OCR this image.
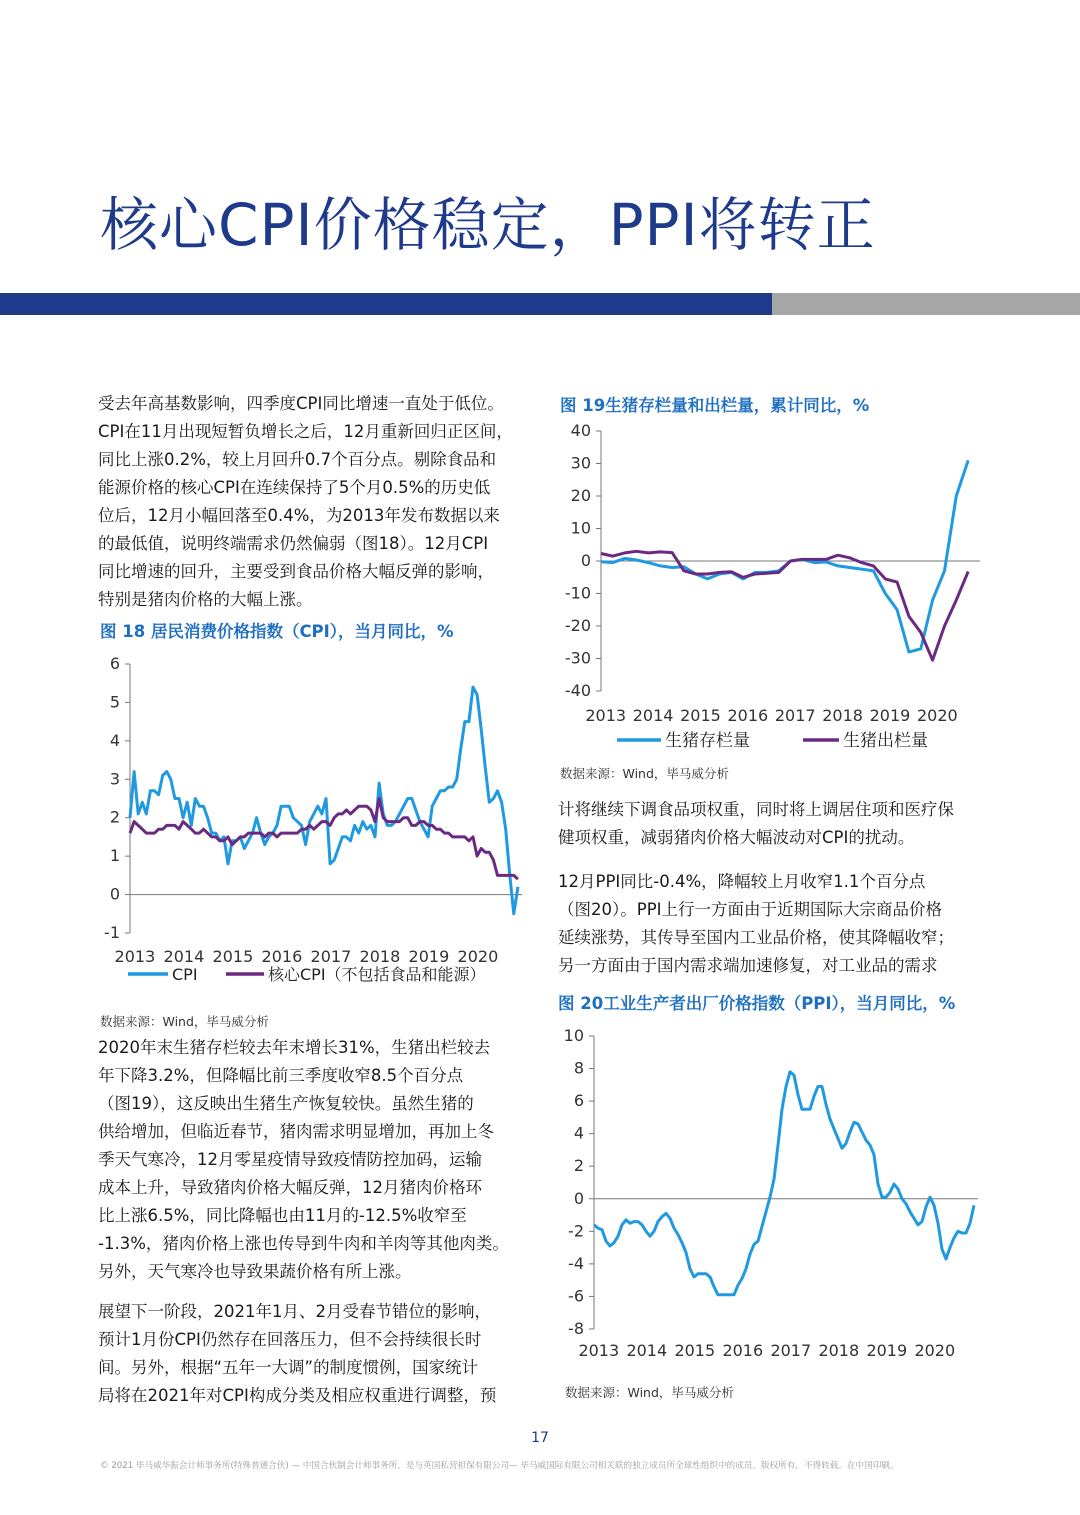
核心CPI价格稳定，PPI将转正
受去年高基数影响，四季度CPI同比增速一直处于低位。
CPI在11月出现短暂负增长之后，12月重新回归正区间，
同比上涨0.2%，较上月回升0.7个百分点。剔除食品和
能源价格的核心CPI在连续保持了5个月0.5%的历史低
位后，12月小幅回落至0.4%，为2013年发布数据以来
的最低值，说明终端需求仍然偏弱（图18）。12月CPI
同比增速的回升，主要受到食品价格大幅反弹的影响，
特别是猪肉价格的大幅上涨。
图 18 居民消费价格指数（CPI），当月同比，%
-1
0
1
2
3
4
5
6
2013 2014 2015 2016 2017 2018 2019 2020
CPI	核心CPI（不包括食品和能源）
数据来源：Wind，毕马威分析
2020年末生猪存栏较去年末增长31%，生猪出栏较去
年下降3.2%，但降幅比前三季度收窄8.5个百分点
（图19），这反映出生猪生产恢复较快。虽然生猪的
供给增加，但临近春节，猪肉需求明显增加，再加上冬
季天气寒冷，12月零星疫情导致疫情防控加码，运输
成本上升，导致猪肉价格大幅反弹，12月猪肉价格环
比上涨6.5%，同比降幅也由11月的-12.5%收窄至
-1.3%，猪肉价格上涨也传导到牛肉和羊肉等其他肉类。
另外，天气寒冷也导致果蔬价格有所上涨。
展望下一阶段，2021年1月、2月受春节错位的影响，
预计1月份CPI仍然存在回落压力，但不会持续很长时
间。另外，根据“五年一大调”的制度惯例，国家统计
局将在2021年对CPI构成分类及相应权重进行调整，预
图 19生猪存栏量和出栏量，累计同比，%
-40
-30
-20
-10
0
10
20
30
40
2013 2014 2015 2016 2017 2018 2019 2020
生猪存栏量	生猪出栏量
数据来源：Wind，毕马威分析
计将继续下调食品项权重，同时将上调居住项和医疗保
健项权重，减弱猪肉价格大幅波动对CPI的扰动。
12月PPI同比-0.4%，降幅较上月收窄1.1个百分点
（图20）。PPI上行一方面由于近期国际大宗商品价格
延续涨势，其传导至国内工业品价格，使其降幅收窄；
另一方面由于国内需求端加速修复，对工业品的需求
图 20工业生产者出厂价格指数（PPI），当月同比，%
-8
-6
-4
-2
0
2
4
6
8
10
2013 2014 2015 2016 2017 2018 2019 2020
数据来源：Wind，毕马威分析
17
© 2021 毕马威华振会计师事务所(特殊普通合伙) — 中国合伙制会计师事务所，是与英国私营担保有限公司— 毕马威国际有限公司相关联的独立成员所全球性组织中的成员。版权所有，不得转载。在中国印刷。
